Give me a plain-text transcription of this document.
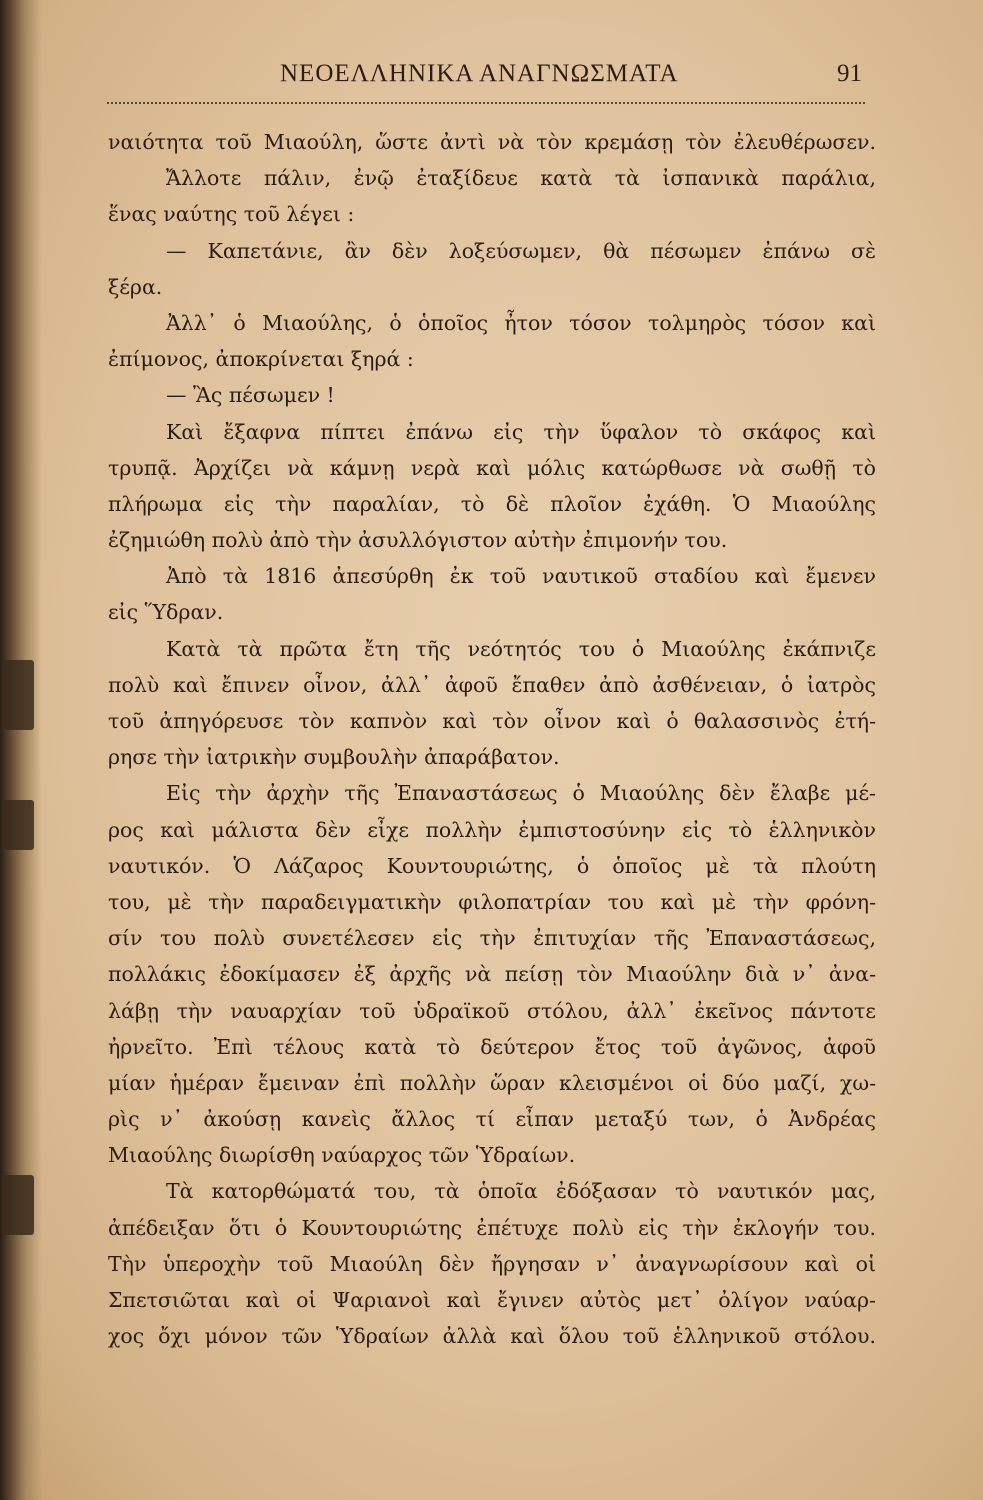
ΝΕΟΕΛΛΗΝΙΚΑ ΑΝΑΓΝΩΣΜΑΤΑ	91
ναιότητα τοῦ Μιαούλη, ὥστε ἀντὶ νὰ τὸν κρεμάσῃ τὸν ἐλευθέρωσεν.
Ἄλλοτε πάλιν, ἐνῷ ἐταξίδευε κατὰ τὰ ἰσπανικὰ παράλια,
ἕνας ναύτης τοῦ λέγει :
— Καπετάνιε, ἂν δὲν λοξεύσωμεν, θὰ πέσωμεν ἐπάνω σὲ
ξέρα.
Ἀλλ᾽ ὁ Μιαούλης, ὁ ὁποῖος ἦτον τόσον τολμηρὸς τόσον καὶ
ἐπίμονος, ἀποκρίνεται ξηρά :
— Ἂς πέσωμεν !
Καὶ ἔξαφνα πίπτει ἐπάνω εἰς τὴν ὕφαλον τὸ σκάφος καὶ
τρυπᾷ. Ἀρχίζει νὰ κάμνῃ νερὰ καὶ μόλις κατώρθωσε νὰ σωθῇ τὸ
πλήρωμα εἰς τὴν παραλίαν, τὸ δὲ πλοῖον ἐχάθη. Ὁ Μιαούλης
ἐζημιώθη πολὺ ἀπὸ τὴν ἀσυλλόγιστον αὐτὴν ἐπιμονήν του.
Ἀπὸ τὰ 1816 ἀπεσύρθη ἐκ τοῦ ναυτικοῦ σταδίου καὶ ἔμενεν
εἰς Ὕδραν.
Κατὰ τὰ πρῶτα ἔτη τῆς νεότητός του ὁ Μιαούλης ἐκάπνιζε
πολὺ καὶ ἔπινεν οἶνον, ἀλλ᾽ ἀφοῦ ἔπαθεν ἀπὸ ἀσθένειαν, ὁ ἰατρὸς
τοῦ ἀπηγόρευσε τὸν καπνὸν καὶ τὸν οἶνον καὶ ὁ θαλασσινὸς ἐτή-
ρησε τὴν ἰατρικὴν συμβουλὴν ἀπαράβατον.
Εἰς τὴν ἀρχὴν τῆς Ἐπαναστάσεως ὁ Μιαούλης δὲν ἔλαβε μέ-
ρος καὶ μάλιστα δὲν εἶχε πολλὴν ἐμπιστοσύνην εἰς τὸ ἑλληνικὸν
ναυτικόν. Ὁ Λάζαρος Κουντουριώτης, ὁ ὁποῖος μὲ τὰ πλούτη
του, μὲ τὴν παραδειγματικὴν φιλοπατρίαν του καὶ μὲ τὴν φρόνη-
σίν του πολὺ συνετέλεσεν εἰς τὴν ἐπιτυχίαν τῆς Ἐπαναστάσεως,
πολλάκις ἐδοκίμασεν ἐξ ἀρχῆς νὰ πείσῃ τὸν Μιαούλην διὰ ν᾽ ἀνα-
λάβῃ τὴν ναυαρχίαν τοῦ ὑδραϊκοῦ στόλου, ἀλλ᾽ ἐκεῖνος πάντοτε
ἠρνεῖτο. Ἐπὶ τέλους κατὰ τὸ δεύτερον ἔτος τοῦ ἀγῶνος, ἀφοῦ
μίαν ἡμέραν ἔμειναν ἐπὶ πολλὴν ὥραν κλεισμένοι οἱ δύο μαζί, χω-
ρὶς ν᾽ ἀκούσῃ κανεὶς ἄλλος τί εἶπαν μεταξύ των, ὁ Ἀνδρέας
Μιαούλης διωρίσθη ναύαρχος τῶν Ὑδραίων.
Τὰ κατορθώματά του, τὰ ὁποῖα ἐδόξασαν τὸ ναυτικόν μας,
ἀπέδειξαν ὅτι ὁ Κουντουριώτης ἐπέτυχε πολὺ εἰς τὴν ἐκλογήν του.
Τὴν ὑπεροχὴν τοῦ Μιαούλη δὲν ἤργησαν ν᾽ ἀναγνωρίσουν καὶ οἱ
Σπετσιῶται καὶ οἱ Ψαριανοὶ καὶ ἔγινεν αὐτὸς μετ᾽ ὀλίγον ναύαρ-
χος ὄχι μόνον τῶν Ὑδραίων ἀλλὰ καὶ ὅλου τοῦ ἑλληνικοῦ στόλου.
